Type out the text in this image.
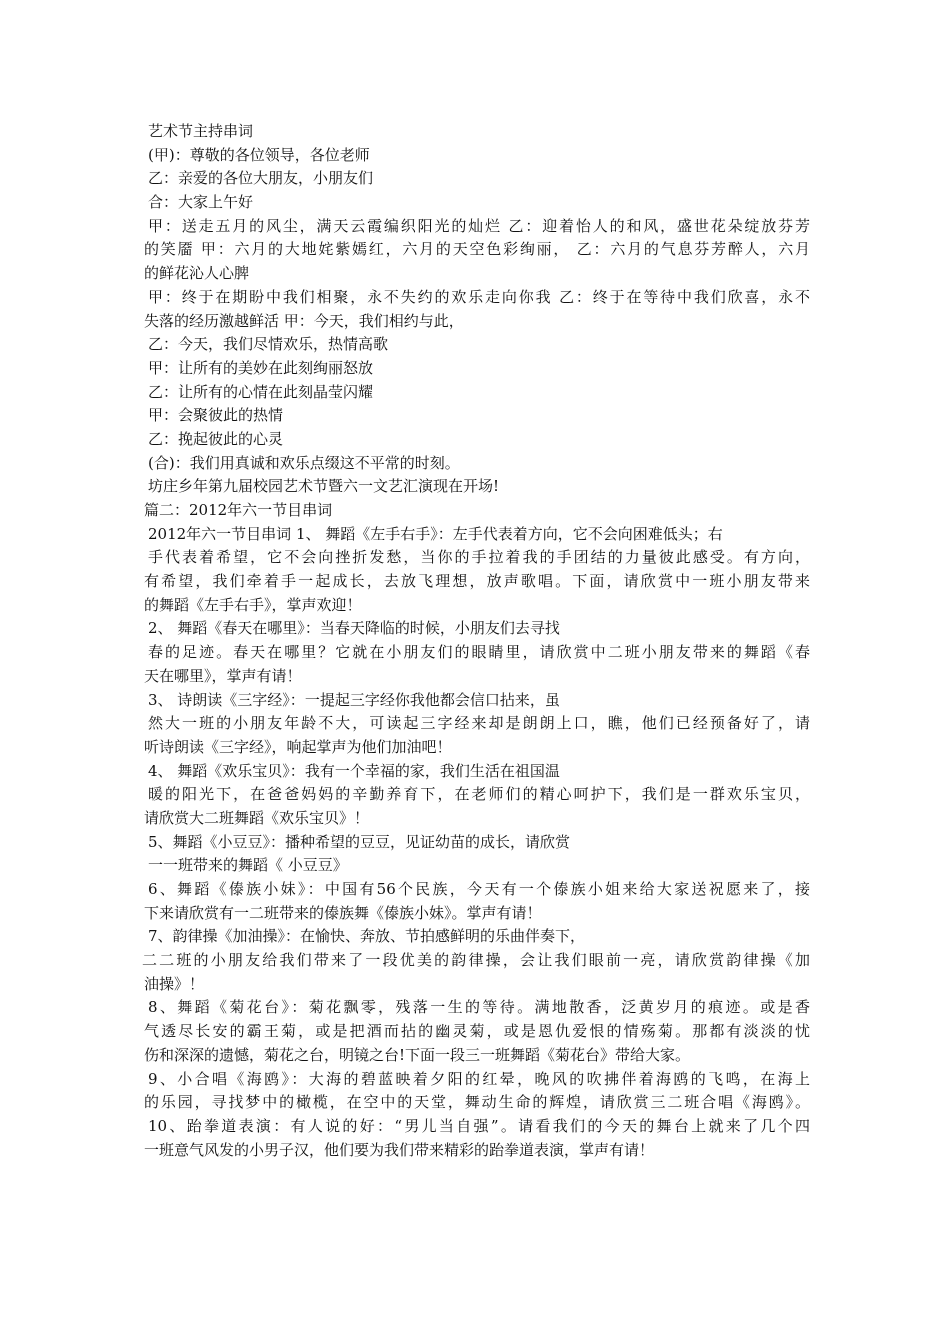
艺术节主持串词
(甲)：尊敬的各位领导，各位老师
乙：亲爱的各位大朋友，小朋友们
合：大家上午好
甲：送走五月的风尘，满天云霞编织阳光的灿烂 乙：迎着怡人的和风，盛世花朵绽放芬芳
的笑靥 甲：六月的大地姹紫嫣红，六月的天空色彩绚丽， 乙：六月的气息芬芳醉人，六月
的鲜花沁人心脾
甲：终于在期盼中我们相聚，永不失约的欢乐走向你我 乙：终于在等待中我们欣喜，永不
失落的经历激越鲜活 甲：今天，我们相约与此，
乙：今天，我们尽情欢乐，热情高歌
甲：让所有的美妙在此刻绚丽怒放
乙：让所有的心情在此刻晶莹闪耀
甲：会聚彼此的热情
乙：挽起彼此的心灵
(合)：我们用真诚和欢乐点缀这不平常的时刻。
坊庄乡年第九届校园艺术节暨六一文艺汇演现在开场!
篇二：2012年六一节目串词
2012年六一节目串词 1、 舞蹈《左手右手》：左手代表着方向，它不会向困难低头；右
手代表着希望，它不会向挫折发愁，当你的手拉着我的手团结的力量彼此感受。有方向，
有希望，我们牵着手一起成长，去放飞理想，放声歌唱。下面，请欣赏中一班小朋友带来
的舞蹈《左手右手》，掌声欢迎！
2、 舞蹈《春天在哪里》：当春天降临的时候，小朋友们去寻找
春的足迹。春天在哪里？它就在小朋友们的眼睛里，请欣赏中二班小朋友带来的舞蹈《春
天在哪里》，掌声有请！
3、 诗朗读《三字经》：一提起三字经你我他都会信口拈来，虽
然大一班的小朋友年龄不大，可读起三字经来却是朗朗上口，瞧，他们已经预备好了，请
听诗朗读《三字经》，响起掌声为他们加油吧！
4、 舞蹈《欢乐宝贝》：我有一个幸福的家，我们生活在祖国温
暖的阳光下，在爸爸妈妈的辛勤养育下，在老师们的精心呵护下，我们是一群欢乐宝贝，
请欣赏大二班舞蹈《欢乐宝贝》！
5、舞蹈《小豆豆》：播种希望的豆豆，见证幼苗的成长，请欣赏
一一班带来的舞蹈《 小豆豆》
6、舞蹈《傣族小妹》：中国有56个民族，今天有一个傣族小姐来给大家送祝愿来了，接
下来请欣赏有一二班带来的傣族舞《傣族小妹》。掌声有请！
7、韵律操《加油操》：在愉快、奔放、节拍感鲜明的乐曲伴奏下，
二二班的小朋友给我们带来了一段优美的韵律操，会让我们眼前一亮，请欣赏韵律操《加
油操》！
8、舞蹈《菊花台》：菊花飘零，残落一生的等待。满地散香，泛黄岁月的痕迹。或是香
气透尽长安的霸王菊，或是把酒而拈的幽灵菊，或是恩仇爱恨的情殇菊。那都有淡淡的忧
伤和深深的遗憾，菊花之台，明镜之台!下面一段三一班舞蹈《菊花台》带给大家。
9、小合唱《海鸥》：大海的碧蓝映着夕阳的红晕，晚风的吹拂伴着海鸥的飞鸣，在海上
的乐园，寻找梦中的橄榄，在空中的天堂，舞动生命的辉煌，请欣赏三二班合唱《海鸥》。
10、跆拳道表演：有人说的好：“男儿当自强”。请看我们的今天的舞台上就来了几个四
一班意气风发的小男子汉，他们要为我们带来精彩的跆拳道表演，掌声有请！
